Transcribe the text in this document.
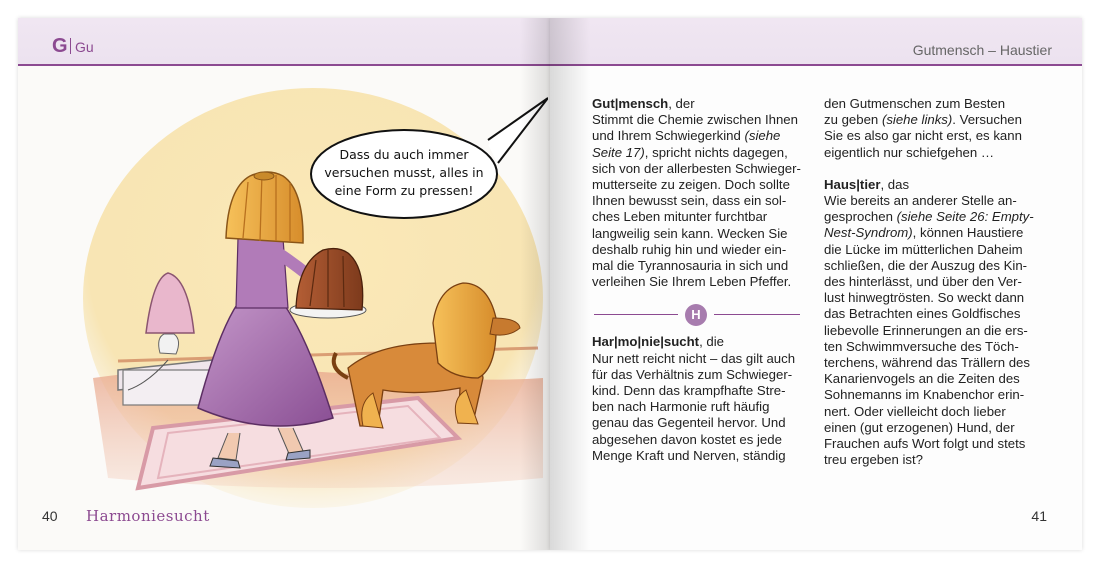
G Gu
Dass du auch immer
versuchen musst, alles in
eine Form zu pressen!
40 Harmoniesucht
Gutmensch – Haustier

Gut|mensch, der

Stimmt die Chemie zwischen Ihnen
und Ihrem Schwiegerkind (siehe
Seite 17), spricht nichts dagegen,
sich von der allerbesten Schwieger-
mutterseite zu zeigen. Doch sollte
Ihnen bewusst sein, dass ein sol-
ches Leben mitunter furchtbar
langweilig sein kann. Wecken Sie
deshalb ruhig hin und wieder ein-
mal die Tyrannosauria in sich und
verleihen Sie Ihrem Leben Pfeffer.

H

Har|mo|nie|sucht, die

Nur nett reicht nicht – das gilt auch
für das Verhältnis zum Schwieger-
kind. Denn das krampfhafte Stre-
ben nach Harmonie ruft häufig
genau das Gegenteil hervor. Und
abgesehen davon kostet es jede
Menge Kraft und Nerven, ständig

den Gutmenschen zum Besten
zu geben (siehe links). Versuchen
Sie es also gar nicht erst, es kann
eigentlich nur schiefgehen …

Haus|tier, das

Wie bereits an anderer Stelle an-
gesprochen (siehe Seite 26: Empty-
Nest-Syndrom), können Haustiere
die Lücke im mütterlichen Daheim
schließen, die der Auszug des Kin-
des hinterlässt, und über den Ver-
lust hinwegtrösten. So weckt dann
das Betrachten eines Goldfisches
liebevolle Erinnerungen an die ers-
ten Schwimmversuche des Töch-
terchens, während das Trällern des
Kanarienvogels an die Zeiten des
Sohnemanns im Knabenchor erin-
nert. Oder vielleicht doch lieber
einen (gut erzogenen) Hund, der
Frauchen aufs Wort folgt und stets
treu ergeben ist?

41
